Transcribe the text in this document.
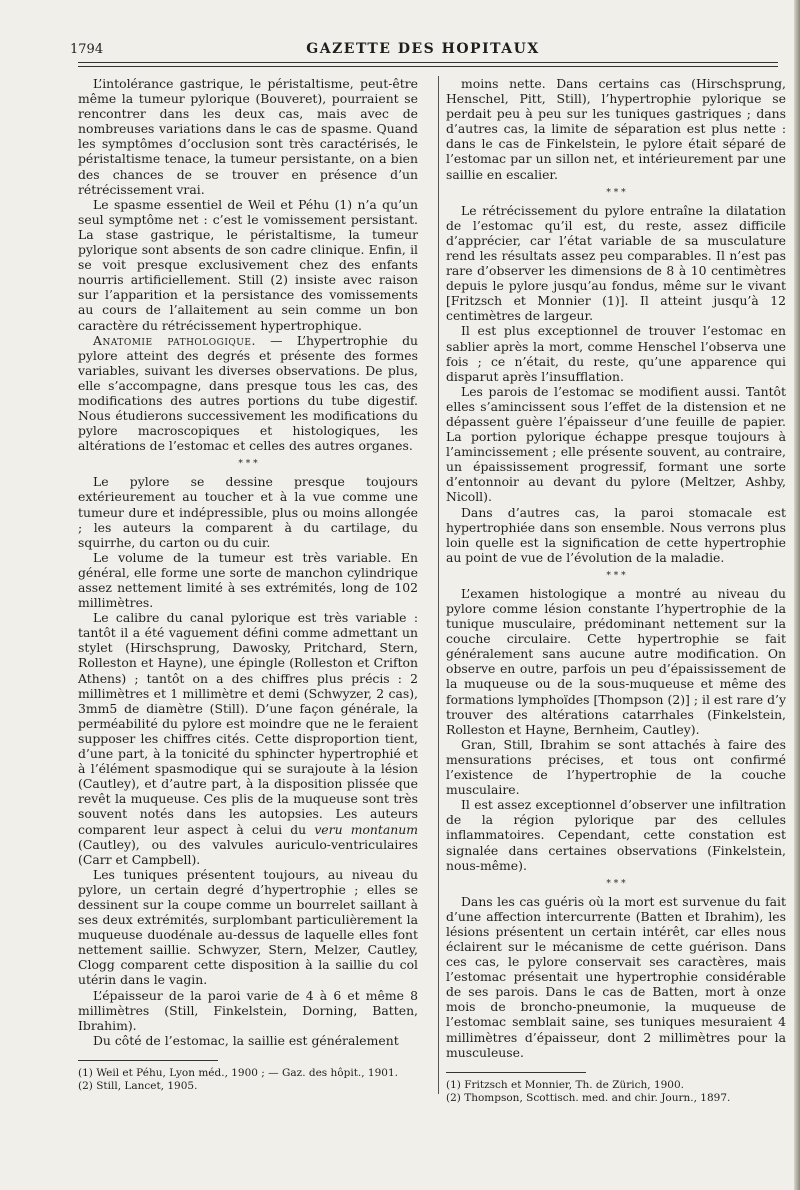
1794	GAZETTE DES HOPITAUX

L’intolérance gastrique, le péristaltisme, peut-être même la tumeur pylorique (Bouveret), pourraient se rencontrer dans les deux cas, mais avec de nombreuses variations dans le cas de spasme. Quand les symptômes d’occlusion sont très caractérisés, le péristaltisme tenace, la tumeur persistante, on a bien des chances de se trouver en présence d’un rétrécissement vrai.

Le spasme essentiel de Weil et Péhu (1) n’a qu’un seul symptôme net : c’est le vomissement persistant. La stase gastrique, le péristaltisme, la tumeur pylorique sont absents de son cadre clinique. Enfin, il se voit presque exclusivement chez des enfants nourris artificiellement. Still (2) insiste avec raison sur l’apparition et la persistance des vomissements au cours de l’allaitement au sein comme un bon caractère du rétrécissement hypertrophique.

Anatomie pathologique. — L’hypertrophie du pylore atteint des degrés et présente des formes variables, suivant les diverses observations. De plus, elle s’accompagne, dans presque tous les cas, des modifications des autres portions du tube digestif. Nous étudierons successivement les modifications du pylore macroscopiques et histologiques, les altérations de l’estomac et celles des autres organes.

* * *

Le pylore se dessine presque toujours extérieurement au toucher et à la vue comme une tumeur dure et indépressible, plus ou moins allongée ; les auteurs la comparent à du cartilage, du squirrhe, du carton ou du cuir.

Le volume de la tumeur est très variable. En général, elle forme une sorte de manchon cylindrique assez nettement limité à ses extrémités, long de 102 millimètres.

Le calibre du canal pylorique est très variable : tantôt il a été vaguement défini comme admettant un stylet (Hirschsprung, Dawosky, Pritchard, Stern, Rolleston et Hayne), une épingle (Rolleston et Crifton Athens) ; tantôt on a des chiffres plus précis : 2 millimètres et 1 millimètre et demi (Schwyzer, 2 cas), 3mm5 de diamètre (Still). D’une façon générale, la perméabilité du pylore est moindre que ne le feraient supposer les chiffres cités. Cette disproportion tient, d’une part, à la tonicité du sphincter hypertrophié et à l’élément spasmodique qui se surajoute à la lésion (Cautley), et d’autre part, à la disposition plissée que revêt la muqueuse. Ces plis de la muqueuse sont très souvent notés dans les autopsies. Les auteurs comparent leur aspect à celui du veru montanum (Cautley), ou des valvules auriculo-ventriculaires (Carr et Campbell).

Les tuniques présentent toujours, au niveau du pylore, un certain degré d’hypertrophie ; elles se dessinent sur la coupe comme un bourrelet saillant à ses deux extrémités, surplombant particulièrement la muqueuse duodénale au-dessus de laquelle elles font nettement saillie. Schwyzer, Stern, Melzer, Cautley, Clogg comparent cette disposition à la saillie du col utérin dans le vagin.

L’épaisseur de la paroi varie de 4 à 6 et même 8 millimètres (Still, Finkelstein, Dorning, Batten, Ibrahim).

Du côté de l’estomac, la saillie est généralement

(1) Weil et Péhu, Lyon méd., 1900 ; — Gaz. des hôpit., 1901.

(2) Still, Lancet, 1905.

moins nette. Dans certains cas (Hirschsprung, Henschel, Pitt, Still), l’hypertrophie pylorique se perdait peu à peu sur les tuniques gastriques ; dans d’autres cas, la limite de séparation est plus nette : dans le cas de Finkelstein, le pylore était séparé de l’estomac par un sillon net, et intérieurement par une saillie en escalier.

* * *

Le rétrécissement du pylore entraîne la dilatation de l’estomac qu’il est, du reste, assez difficile d’apprécier, car l’état variable de sa musculature rend les résultats assez peu comparables. Il n’est pas rare d’observer les dimensions de 8 à 10 centimètres depuis le pylore jusqu’au fondus, même sur le vivant [Fritzsch et Monnier (1)]. Il atteint jusqu’à 12 centimètres de largeur.

Il est plus exceptionnel de trouver l’estomac en sablier après la mort, comme Henschel l’observa une fois ; ce n’était, du reste, qu’une apparence qui disparut après l’insufflation.

Les parois de l’estomac se modifient aussi. Tantôt elles s’amincissent sous l’effet de la distension et ne dépassent guère l’épaisseur d’une feuille de papier. La portion pylorique échappe presque toujours à l’amincissement ; elle présente souvent, au contraire, un épaississement progressif, formant une sorte d’entonnoir au devant du pylore (Meltzer, Ashby, Nicoll).

Dans d’autres cas, la paroi stomacale est hypertrophiée dans son ensemble. Nous verrons plus loin quelle est la signification de cette hypertrophie au point de vue de l’évolution de la maladie.

* * *

L’examen histologique a montré au niveau du pylore comme lésion constante l’hypertrophie de la tunique musculaire, prédominant nettement sur la couche circulaire. Cette hypertrophie se fait généralement sans aucune autre modification. On observe en outre, parfois un peu d’épaississement de la muqueuse ou de la sous-muqueuse et même des formations lymphoïdes [Thompson (2)] ; il est rare d’y trouver des altérations catarrhales (Finkelstein, Rolleston et Hayne, Bernheim, Cautley).

Gran, Still, Ibrahim se sont attachés à faire des mensurations précises, et tous ont confirmé l’existence de l’hypertrophie de la couche musculaire.

Il est assez exceptionnel d’observer une infiltration de la région pylorique par des cellules inflammatoires. Cependant, cette constation est signalée dans certaines observations (Finkelstein, nous-même).

* * *

Dans les cas guéris où la mort est survenue du fait d’une affection intercurrente (Batten et Ibrahim), les lésions présentent un certain intérêt, car elles nous éclairent sur le mécanisme de cette guérison. Dans ces cas, le pylore conservait ses caractères, mais l’estomac présentait une hypertrophie considérable de ses parois. Dans le cas de Batten, mort à onze mois de broncho-pneumonie, la muqueuse de l’estomac semblait saine, ses tuniques mesuraient 4 millimètres d’épaisseur, dont 2 millimètres pour la musculeuse.

(1) Fritzsch et Monnier, Th. de Zürich, 1900.

(2) Thompson, Scottisch. med. and chir. Journ., 1897.
